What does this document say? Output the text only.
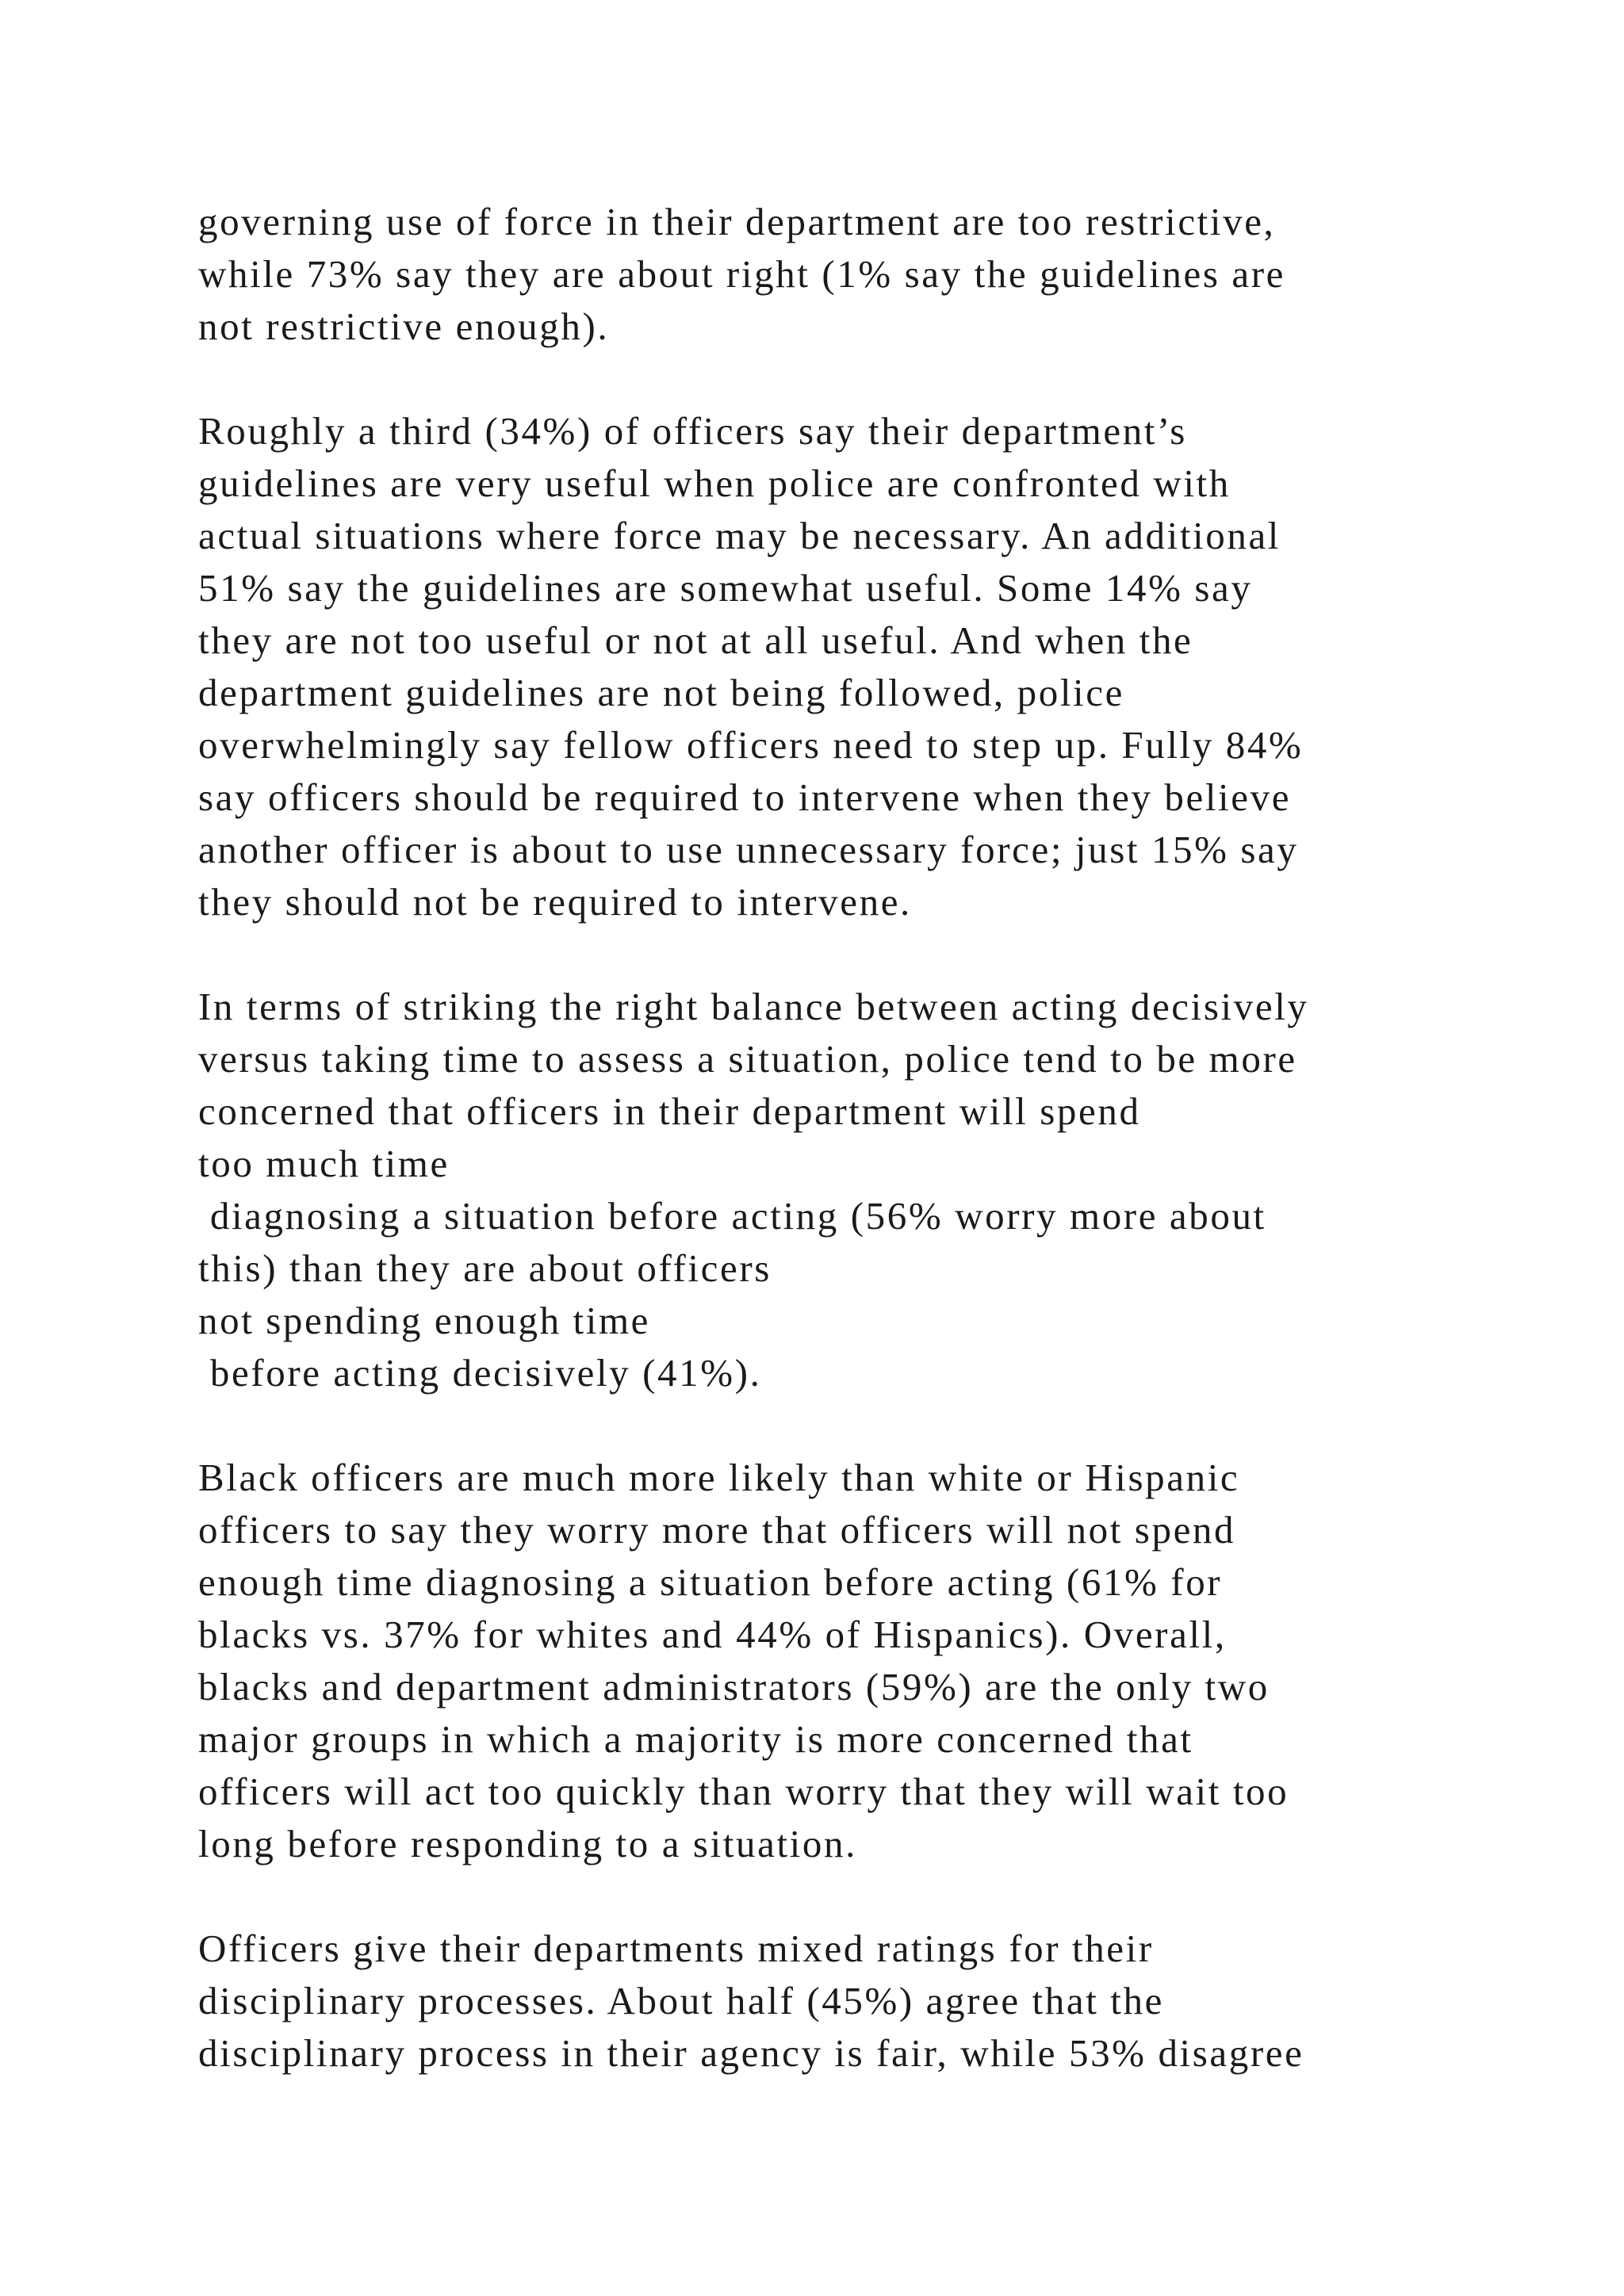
governing use of force in their department are too restrictive,
while 73% say they are about right (1% say the guidelines are
not restrictive enough).
Roughly a third (34%) of officers say their department’s
guidelines are very useful when police are confronted with
actual situations where force may be necessary. An additional
51% say the guidelines are somewhat useful. Some 14% say
they are not too useful or not at all useful. And when the
department guidelines are not being followed, police
overwhelmingly say fellow officers need to step up. Fully 84%
say officers should be required to intervene when they believe
another officer is about to use unnecessary force; just 15% say
they should not be required to intervene.
In terms of striking the right balance between acting decisively
versus taking time to assess a situation, police tend to be more
concerned that officers in their department will spend
too much time
diagnosing a situation before acting (56% worry more about
this) than they are about officers
not spending enough time
before acting decisively (41%).
Black officers are much more likely than white or Hispanic
officers to say they worry more that officers will not spend
enough time diagnosing a situation before acting (61% for
blacks vs. 37% for whites and 44% of Hispanics). Overall,
blacks and department administrators (59%) are the only two
major groups in which a majority is more concerned that
officers will act too quickly than worry that they will wait too
long before responding to a situation.
Officers give their departments mixed ratings for their
disciplinary processes. About half (45%) agree that the
disciplinary process in their agency is fair, while 53% disagree
